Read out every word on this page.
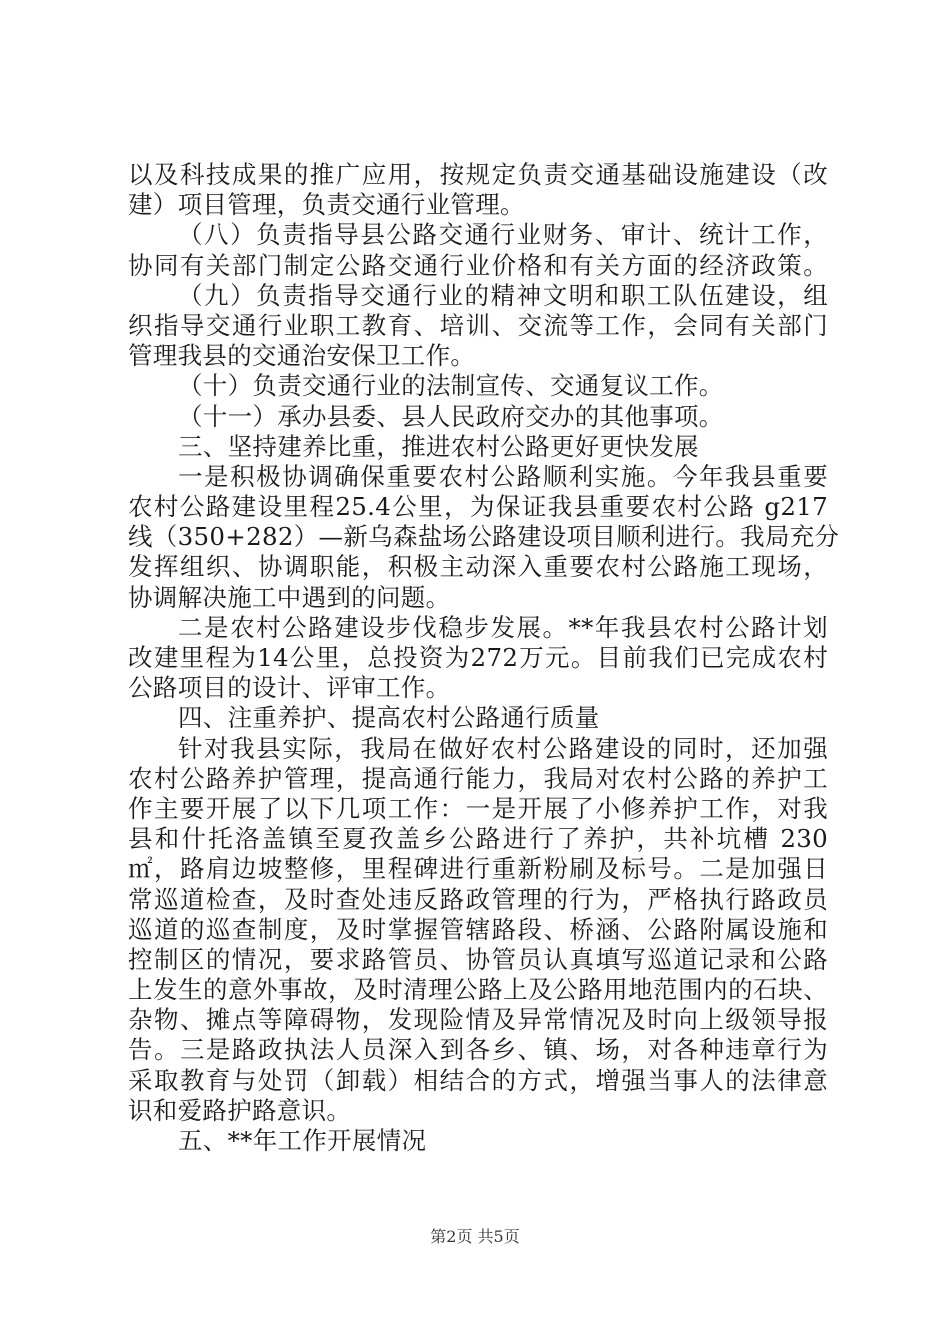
以及科技成果的推广应用，按规定负责交通基础设施建设（改
建）项目管理，负责交通行业管理。
（八）负责指导县公路交通行业财务、审计、统计工作，
协同有关部门制定公路交通行业价格和有关方面的经济政策。
（九）负责指导交通行业的精神文明和职工队伍建设，组
织指导交通行业职工教育、培训、交流等工作，会同有关部门
管理我县的交通治安保卫工作。
（十）负责交通行业的法制宣传、交通复议工作。
（十一）承办县委、县人民政府交办的其他事项。
三、坚持建养比重，推进农村公路更好更快发展
一是积极协调确保重要农村公路顺利实施。今年我县重要
农村公路建设里程25.4公里，为保证我县重要农村公路 g217
线（350+282）—新乌森盐场公路建设项目顺利进行。我局充分
发挥组织、协调职能，积极主动深入重要农村公路施工现场，
协调解决施工中遇到的问题。
二是农村公路建设步伐稳步发展。**年我县农村公路计划
改建里程为14公里，总投资为272万元。目前我们已完成农村
公路项目的设计、评审工作。
四、注重养护、提高农村公路通行质量
针对我县实际，我局在做好农村公路建设的同时，还加强
农村公路养护管理，提高通行能力，我局对农村公路的养护工
作主要开展了以下几项工作：一是开展了小修养护工作，对我
县和什托洛盖镇至夏孜盖乡公路进行了养护，共补坑槽 230
㎡，路肩边坡整修，里程碑进行重新粉刷及标号。二是加强日
常巡道检查，及时查处违反路政管理的行为，严格执行路政员
巡道的巡查制度，及时掌握管辖路段、桥涵、公路附属设施和
控制区的情况，要求路管员、协管员认真填写巡道记录和公路
上发生的意外事故，及时清理公路上及公路用地范围内的石块、
杂物、摊点等障碍物，发现险情及异常情况及时向上级领导报
告。三是路政执法人员深入到各乡、镇、场，对各种违章行为
采取教育与处罚（卸载）相结合的方式，增强当事人的法律意
识和爱路护路意识。
五、**年工作开展情况
第2页 共5页
